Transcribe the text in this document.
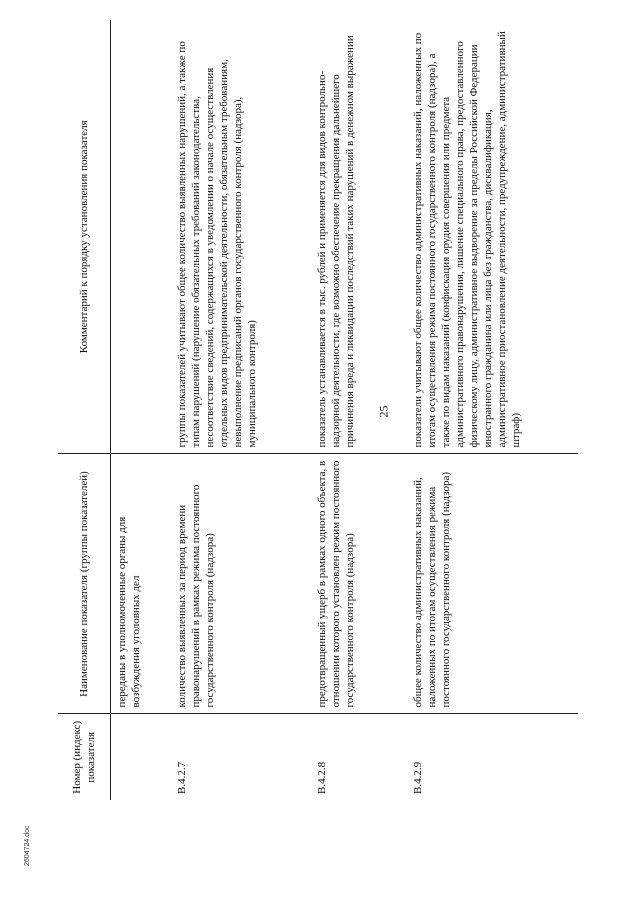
Номер (индекс) показателя	Наименование показателя (группы показателей)	Комментарий к порядку установления показателя
	переданы в уполномоченные органы для возбуждения уголовных дел	
В.4.2.7	количество выявленных за период времени правонарушений в рамках режима постоянного государственного контроля (надзора)	группы показателей учитывают общее количество выявленных нарушений, а также по типам нарушений (нарушение обязательных требований законодательства, несоответствие сведений, содержащихся в уведомлении о начале осуществления отдельных видов предпринимательской деятельности, обязательным требованиям, невыполнение предписаний органов государственного контроля (надзора), муниципального контроля)
В.4.2.8	предотвращенный ущерб в рамках одного объекта, в отношении которого установлен режим постоянного государственного контроля (надзора)	показатель устанавливается в тыс. рублей и применяется для видов контрольно-надзорной деятельности, где возможно обеспечение прекращения дальнейшего причинения вреда и ликвидации последствий таких нарушений в денежном выражении
В.4.2.9	общее количество административных наказаний, наложенных по итогам осуществления режима постоянного государственного контроля (надзора)	показатели учитывают общее количество административных наказаний, наложенных по итогам осуществления режима постоянного государственного контроля (надзора), а также по видам наказаний (конфискация орудия совершения или предмета административного правонарушения, лишение специального права, предоставленного физическому лицу, административное выдворение за пределы Российской Федерации иностранного гражданина или лица без гражданства, дисквалификация, административное приостановление деятельности, предупреждение, административный штраф)
25
2604724.doc
